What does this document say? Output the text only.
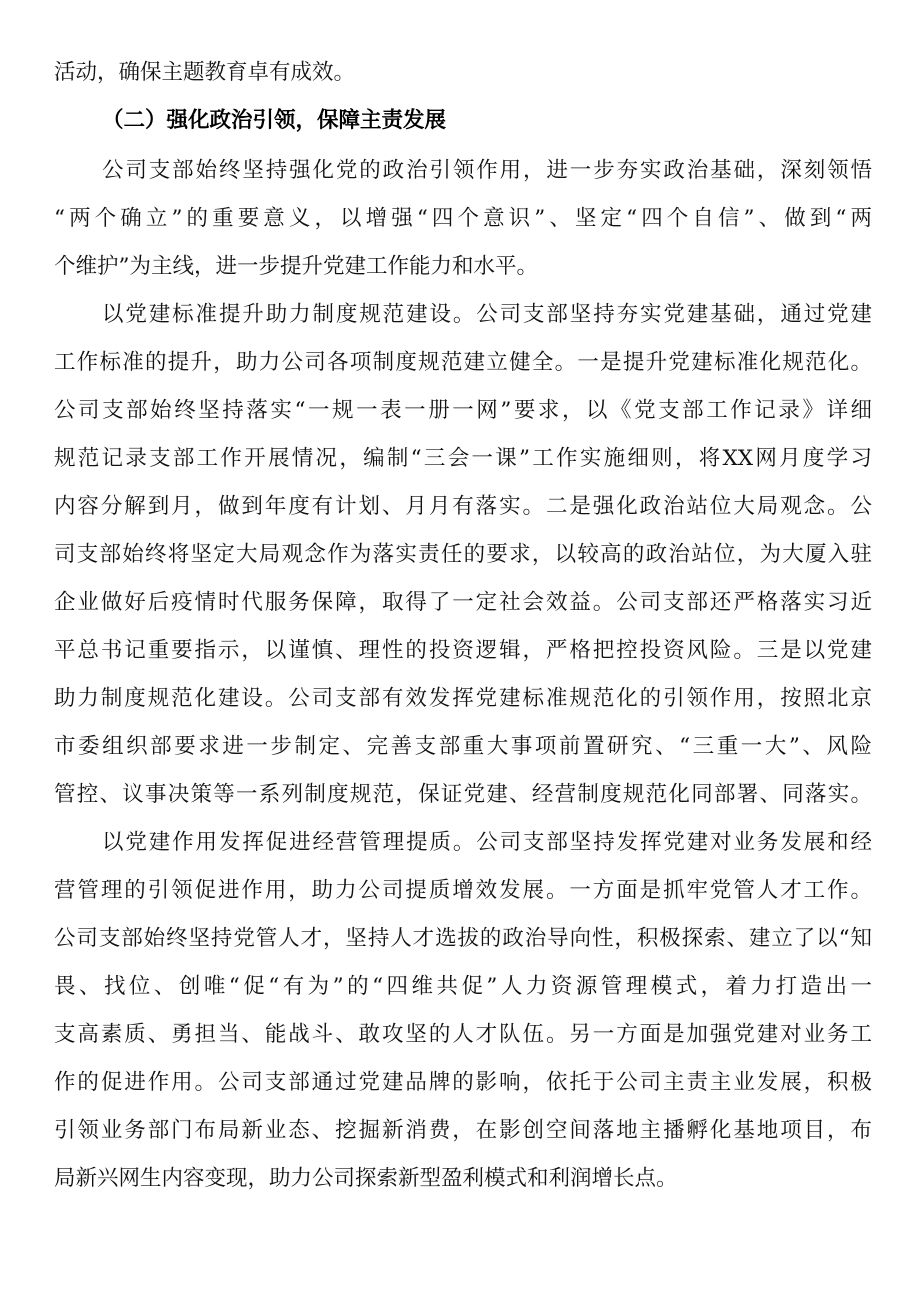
活动，确保主题教育卓有成效。
（二）强化政治引领，保障主责发展
公司支部始终坚持强化党的政治引领作用，进一步夯实政治基础，深刻领悟
“两个确立”的重要意义，以增强“四个意识”、坚定“四个自信”、做到“两
个维护”为主线，进一步提升党建工作能力和水平。
以党建标准提升助力制度规范建设。公司支部坚持夯实党建基础，通过党建
工作标准的提升，助力公司各项制度规范建立健全。一是提升党建标准化规范化。
公司支部始终坚持落实“一规一表一册一网”要求，以《党支部工作记录》详细
规范记录支部工作开展情况，编制“三会一课”工作实施细则，将XX网月度学习
内容分解到月，做到年度有计划、月月有落实。二是强化政治站位大局观念。公
司支部始终将坚定大局观念作为落实责任的要求，以较高的政治站位，为大厦入驻
企业做好后疫情时代服务保障，取得了一定社会效益。公司支部还严格落实习近
平总书记重要指示，以谨慎、理性的投资逻辑，严格把控投资风险。三是以党建
助力制度规范化建设。公司支部有效发挥党建标准规范化的引领作用，按照北京
市委组织部要求进一步制定、完善支部重大事项前置研究、“三重一大”、风险
管控、议事决策等一系列制度规范，保证党建、经营制度规范化同部署、同落实。
以党建作用发挥促进经营管理提质。公司支部坚持发挥党建对业务发展和经
营管理的引领促进作用，助力公司提质增效发展。一方面是抓牢党管人才工作。
公司支部始终坚持党管人才，坚持人才选拔的政治导向性，积极探索、建立了以“知
畏、找位、创唯“促“有为”的“四维共促”人力资源管理模式，着力打造出一
支高素质、勇担当、能战斗、敢攻坚的人才队伍。另一方面是加强党建对业务工
作的促进作用。公司支部通过党建品牌的影响，依托于公司主责主业发展，积极
引领业务部门布局新业态、挖掘新消费，在影创空间落地主播孵化基地项目，布
局新兴网生内容变现，助力公司探索新型盈利模式和利润增长点。
